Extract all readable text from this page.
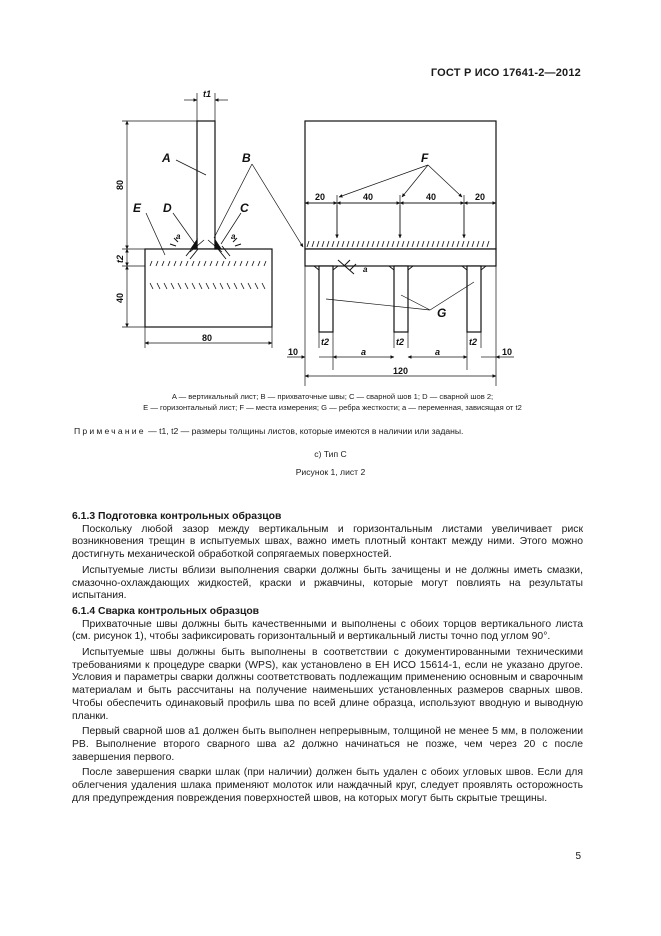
ГОСТ Р ИСО 17641-2—2012
A	B
E D	C
t1
a	a
80
t2
40
80
F
G
a
20	40	40	20
t2	t2	t2
10	a	a	10
120

A — вертикальный лист; B — прихваточные швы; C — сварной шов 1; D — сварной шов 2;

E — горизонтальный лист; F — места измерения; G — ребра жесткости; a — переменная, зависящая от t2

Примечание — t1, t2 — размеры толщины листов, которые имеются в наличии или заданы.
с) Тип C
Рисунок 1, лист 2
6.1.3 Подготовка контрольных образцов

Поскольку любой зазор между вертикальным и горизонтальным листами увеличивает риск возникновения трещин в испытуемых швах, важно иметь плотный контакт между ними. Этого можно достигнуть механической обработкой сопрягаемых поверхностей.

Испытуемые листы вблизи выполнения сварки должны быть зачищены и не должны иметь смазки, смазочно-охлаждающих жидкостей, краски и ржавчины, которые могут повлиять на результаты испытания.

6.1.4 Сварка контрольных образцов

Прихваточные швы должны быть качественными и выполнены с обоих торцов вертикального листа (см. рисунок 1), чтобы зафиксировать горизонтальный и вертикальный листы точно под углом 90°.

Испытуемые швы должны быть выполнены в соответствии с документированными техническими требованиями к процедуре сварки (WPS), как установлено в ЕН ИСО 15614-1, если не указано другое. Условия и параметры сварки должны соответствовать подлежащим применению основным и сварочным материалам и быть рассчитаны на получение наименьших установленных размеров сварных швов. Чтобы обеспечить одинаковый профиль шва по всей длине образца, используют вводную и выводную планки.

Первый сварной шов a1 должен быть выполнен непрерывным, толщиной не менее 5 мм, в положении PB. Выполнение второго сварного шва a2 должно начинаться не позже, чем через 20 с после завершения первого.

После завершения сварки шлак (при наличии) должен быть удален с обоих угловых швов. Если для облегчения удаления шлака применяют молоток или наждачный круг, следует проявлять осторожность для предупреждения повреждения поверхностей швов, на которых могут быть скрытые трещины.

5
